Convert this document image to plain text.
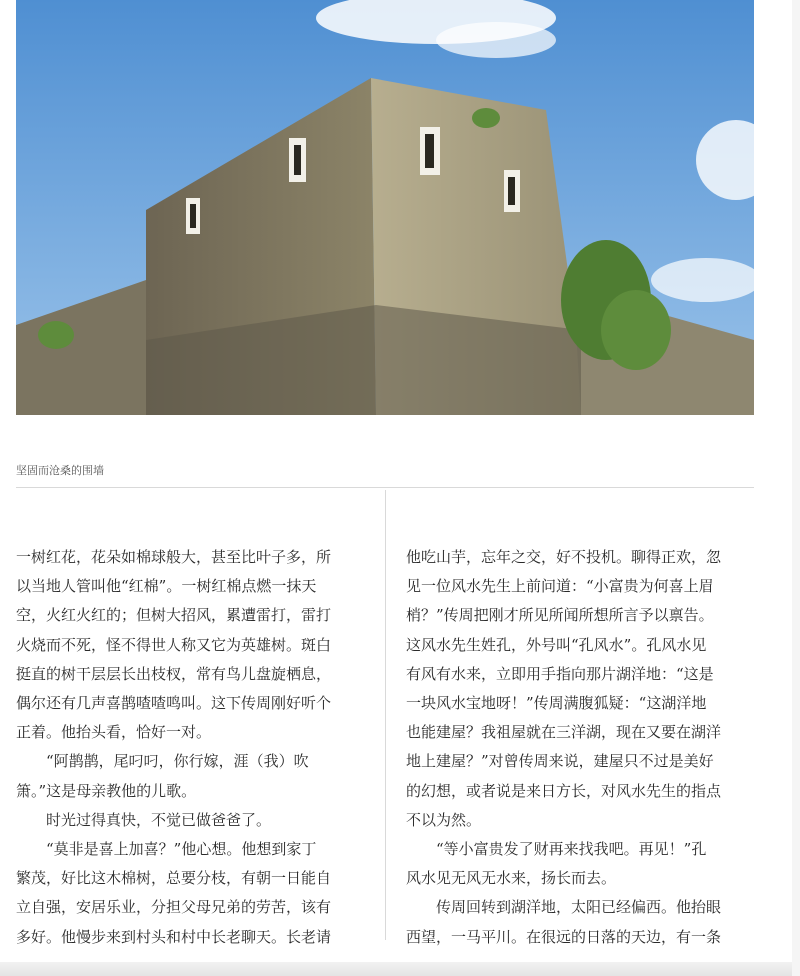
坚固而沧桑的围墙

一树红花，花朵如棉球般大，甚至比叶子多，所

以当地人管叫他“红棉”。一树红棉点燃一抹天

空，火红火红的；但树大招风，累遭雷打，雷打

火烧而不死，怪不得世人称又它为英雄树。斑白

挺直的树干层层长出枝杈，常有鸟儿盘旋栖息，

偶尔还有几声喜鹊喳喳鸣叫。这下传周刚好听个

正着。他抬头看，恰好一对。

　　“阿鹊鹊，尾叼叼，你行嫁，涯（我）吹

箫。”这是母亲教他的儿歌。

　　时光过得真快，不觉已做爸爸了。

　　“莫非是喜上加喜？”他心想。他想到家丁

繁茂，好比这木棉树，总要分枝，有朝一日能自

立自强，安居乐业，分担父母兄弟的劳苦，该有

多好。他慢步来到村头和村中长老聊天。长老请

他吃山芋，忘年之交，好不投机。聊得正欢，忽

见一位风水先生上前问道：“小富贵为何喜上眉

梢？”传周把刚才所见所闻所想所言予以禀告。

这风水先生姓孔，外号叫“孔风水”。孔风水见

有风有水来，立即用手指向那片湖洋地：“这是

一块风水宝地呀！”传周满腹狐疑：“这湖洋地

也能建屋？我祖屋就在三洋湖，现在又要在湖洋

地上建屋？”对曾传周来说，建屋只不过是美好

的幻想，或者说是来日方长，对风水先生的指点

不以为然。

　　“等小富贵发了财再来找我吧。再见！”孔

风水见无风无水来，扬长而去。

　　传周回转到湖洋地，太阳已经偏西。他抬眼

西望，一马平川。在很远的日落的天边，有一条
